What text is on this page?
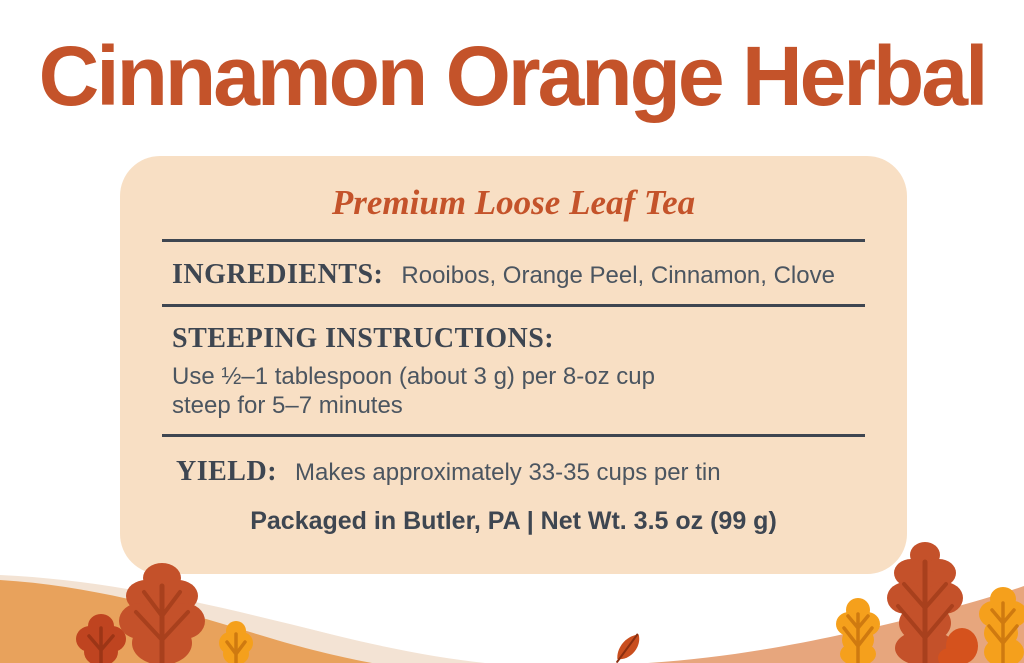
Cinnamon Orange Herbal
Premium Loose Leaf Tea
INGREDIENTS: Rooibos, Orange Peel, Cinnamon, Clove
STEEPING INSTRUCTIONS:
Use ½–1 tablespoon (about 3 g) per 8-oz cup
steep for 5–7 minutes
YIELD: Makes approximately 33-35 cups per tin
Packaged in Butler, PA | Net Wt. 3.5 oz (99 g)
